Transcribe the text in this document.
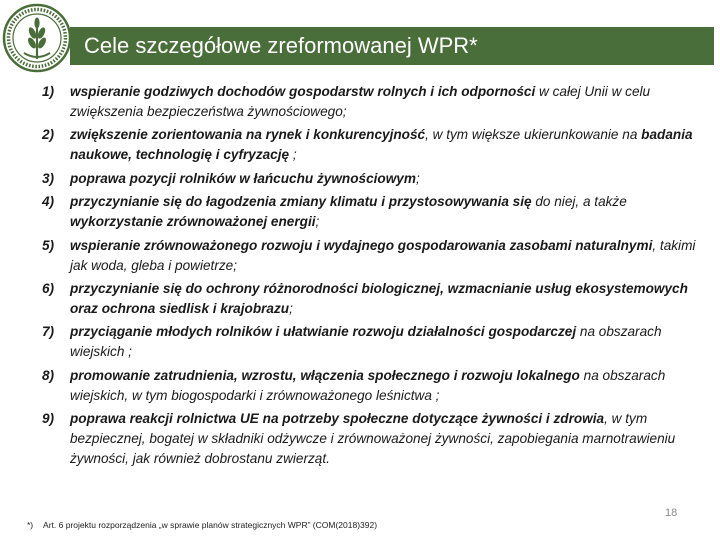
Cele szczegółowe zreformowanej WPR*
1) wspieranie godziwych dochodów gospodarstw rolnych i ich odporności w całej Unii w celu zwiększenia bezpieczeństwa żywnościowego;
2) zwiększenie zorientowania na rynek i konkurencyjność, w tym większe ukierunkowanie na badania naukowe, technologię i cyfryzację ;
3) poprawa pozycji rolników w łańcuchu żywnościowym;
4) przyczynianie się do łagodzenia zmiany klimatu i przystosowywania się do niej, a także wykorzystanie zrównoważonej energii;
5) wspieranie zrównoważonego rozwoju i wydajnego gospodarowania zasobami naturalnymi, takimi jak woda, gleba i powietrze;
6) przyczynianie się do ochrony różnorodności biologicznej, wzmacnianie usług ekosystemowych oraz ochrona siedlisk i krajobrazu;
7) przyciąganie młodych rolników i ułatwianie rozwoju działalności gospodarczej na obszarach wiejskich ;
8) promowanie zatrudnienia, wzrostu, włączenia społecznego i rozwoju lokalnego na obszarach wiejskich, w tym biogospodarki i zrównoważonego leśnictwa ;
9) poprawa reakcji rolnictwa UE na potrzeby społeczne dotyczące żywności i zdrowia, w tym bezpiecznej, bogatej w składniki odżywcze i zrównoważonej żywności, zapobiegania marnotrawieniu żywności, jak również dobrostanu zwierząt.
*) Art. 6 projektu rozporządzenia „w sprawie planów strategicznych WPR” (COM(2018)392)
18
